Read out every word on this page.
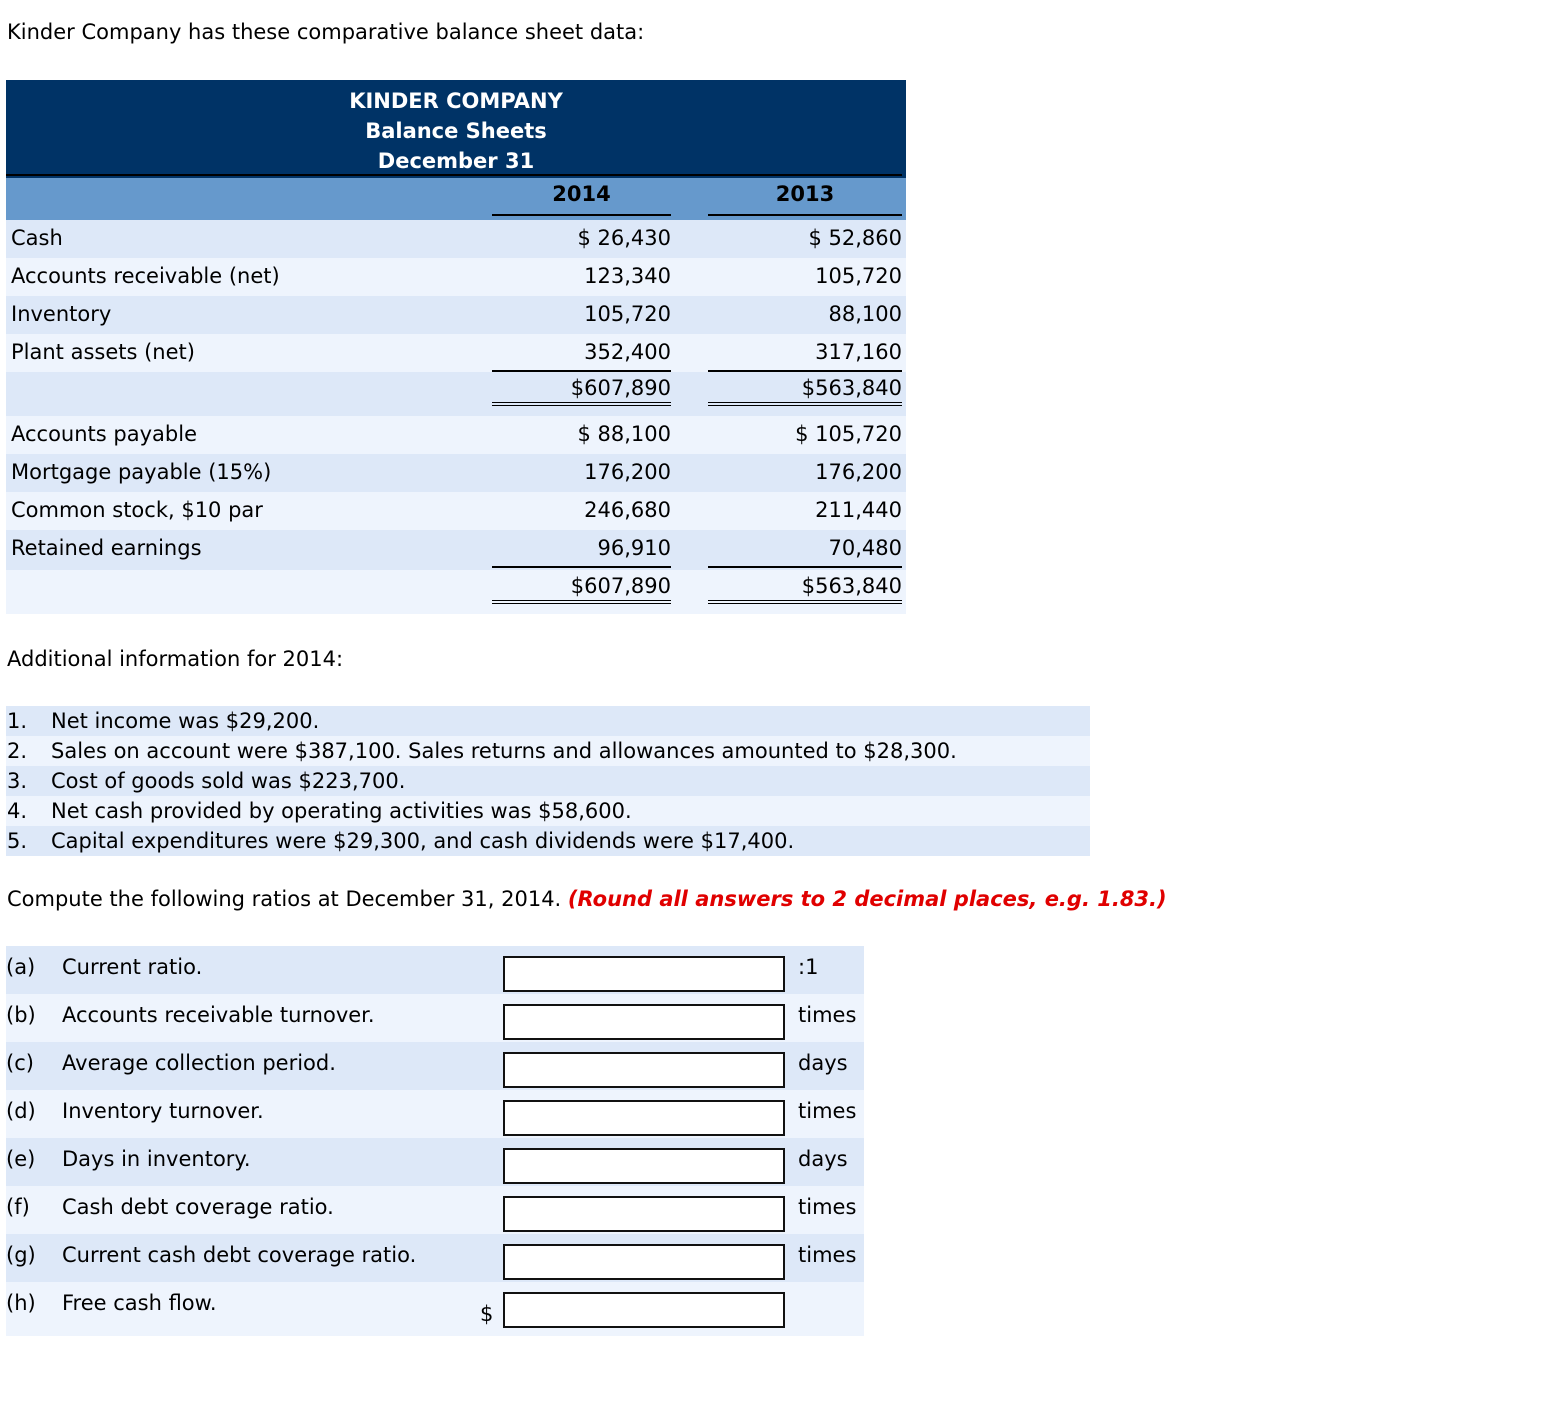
Kinder Company has these comparative balance sheet data:
KINDER COMPANY
Balance Sheets
December 31
2014	2013
Cash	$ 26,430	$ 52,860
Accounts receivable (net)	123,340	105,720
Inventory	105,720	88,100
Plant assets (net)	352,400	317,160
$607,890	$563,840
Accounts payable	$ 88,100	$ 105,720
Mortgage payable (15%)	176,200	176,200
Common stock, $10 par	246,680	211,440
Retained earnings	96,910	70,480
$607,890	$563,840
Additional information for 2014:
1. Net income was $29,200.
2. Sales on account were $387,100. Sales returns and allowances amounted to $28,300.
3. Cost of goods sold was $223,700.
4. Net cash provided by operating activities was $58,600.
5. Capital expenditures were $29,300, and cash dividends were $17,400.
Compute the following ratios at December 31, 2014. (Round all answers to 2 decimal places, e.g. 1.83.)
(a) Current ratio.	:1
(b) Accounts receivable turnover.	times
(c) Average collection period.	days
(d) Inventory turnover.	times
(e) Days in inventory.	days
(f) Cash debt coverage ratio.	times
(g) Current cash debt coverage ratio.	times
(h) Free cash flow.	$
